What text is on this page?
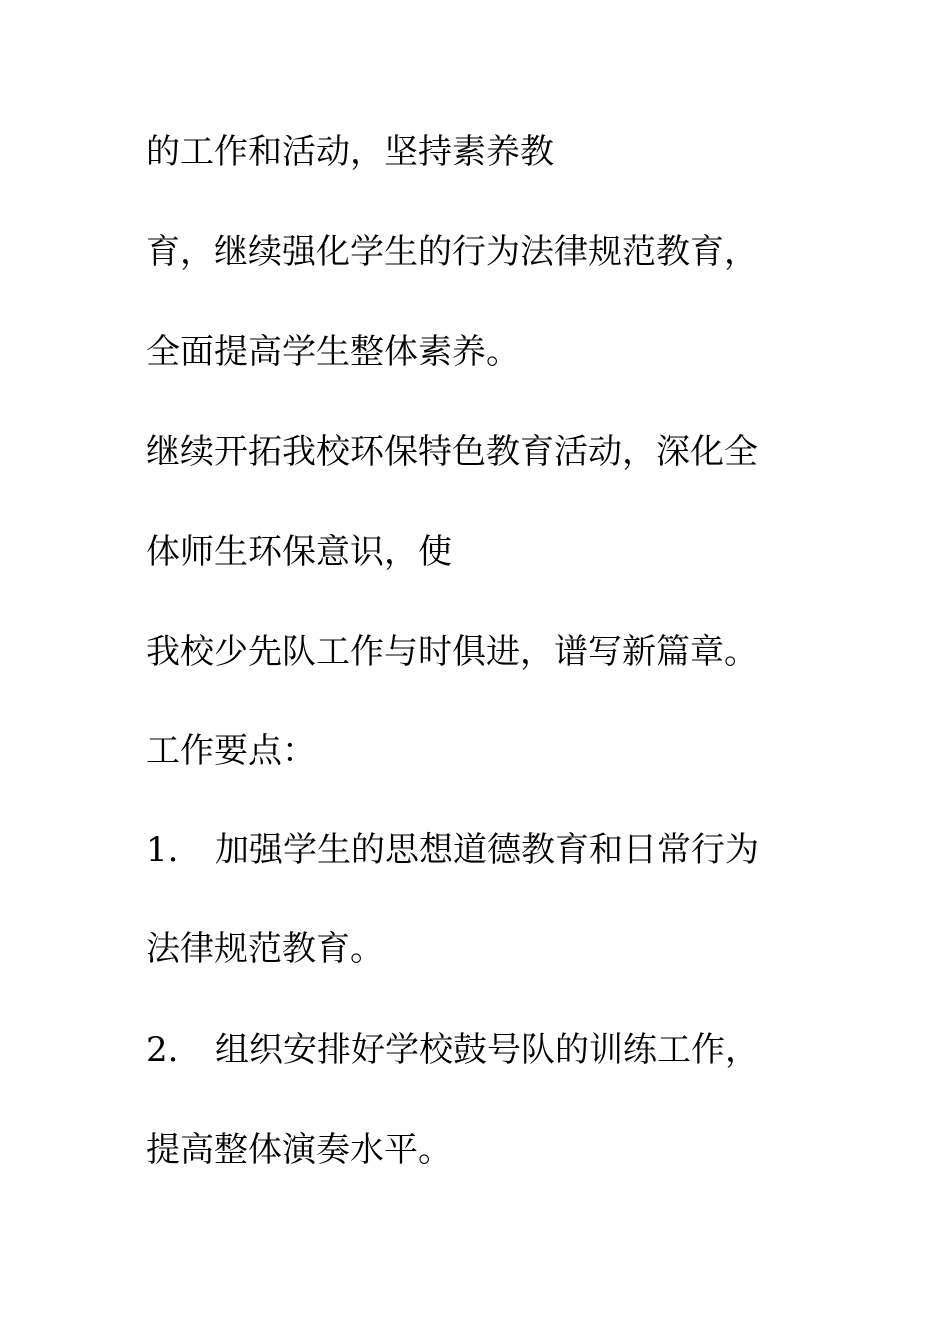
的工作和活动，坚持素养教

育，继续强化学生的行为法律规范教育，

全面提高学生整体素养。

继续开拓我校环保特色教育活动，深化全

体师生环保意识，使

我校少先队工作与时俱进，谱写新篇章。

工作要点：

1. 加强学生的思想道德教育和日常行为

法律规范教育。

2. 组织安排好学校鼓号队的训练工作，

提高整体演奏水平。
